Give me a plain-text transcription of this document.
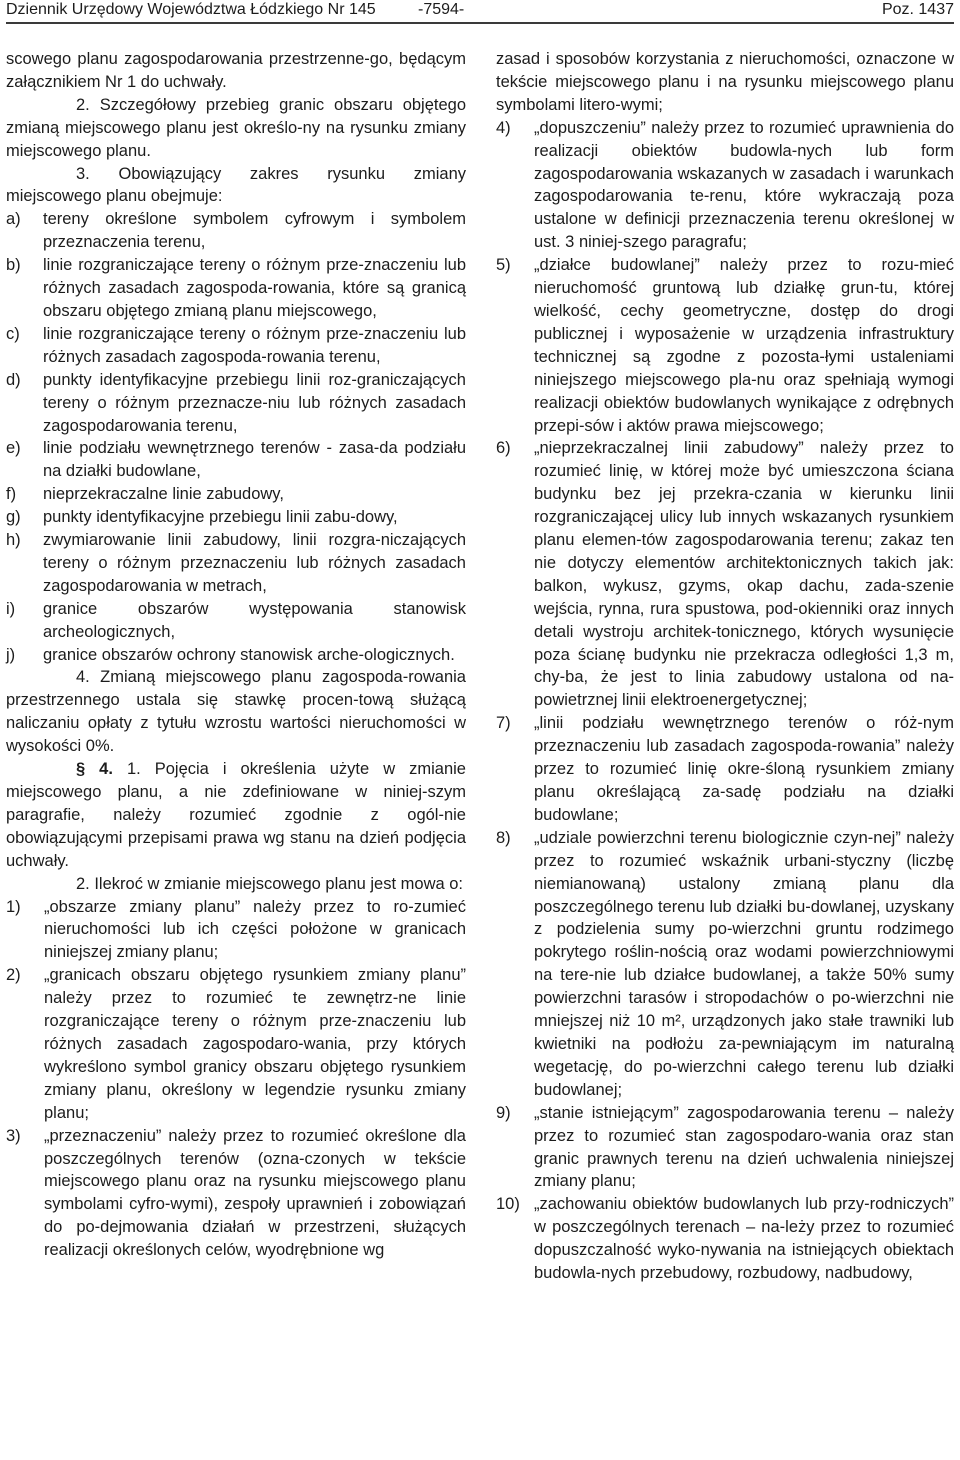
Dziennik Urzędowy Województwa Łódzkiego Nr 145	-7594-	Poz. 1437

scowego planu zagospodarowania przestrzenne-go, będącym załącznikiem Nr 1 do uchwały.

2. Szczegółowy przebieg granic obszaru objętego zmianą miejscowego planu jest określo-ny na rysunku zmiany miejscowego planu.

3. Obowiązujący zakres rysunku zmiany miejscowego planu obejmuje:

a) tereny określone symbolem cyfrowym i symbolem przeznaczenia terenu,

b) linie rozgraniczające tereny o różnym prze-znaczeniu lub różnych zasadach zagospoda-rowania, które są granicą obszaru objętego zmianą planu miejscowego,

c) linie rozgraniczające tereny o różnym prze-znaczeniu lub różnych zasadach zagospoda-rowania terenu,

d) punkty identyfikacyjne przebiegu linii roz-graniczających tereny o różnym przeznacze-niu lub różnych zasadach zagospodarowania terenu,

e) linie podziału wewnętrznego terenów - zasa-da podziału na działki budowlane,

f) nieprzekraczalne linie zabudowy,

g) punkty identyfikacyjne przebiegu linii zabu-dowy,

h) zwymiarowanie linii zabudowy, linii rozgra-niczających tereny o różnym przeznaczeniu lub różnych zasadach zagospodarowania w metrach,

i) granice obszarów występowania stanowisk archeologicznych,

j) granice obszarów ochrony stanowisk arche-ologicznych.

4. Zmianą miejscowego planu zagospoda-rowania przestrzennego ustala się stawkę procen-tową służącą naliczaniu opłaty z tytułu wzrostu wartości nieruchomości w wysokości 0%.

§ 4. 1. Pojęcia i określenia użyte w zmianie miejscowego planu, a nie zdefiniowane w niniej-szym paragrafie, należy rozumieć zgodnie z ogól-nie obowiązującymi przepisami prawa wg stanu na dzień podjęcia uchwały.

2. Ilekroć w zmianie miejscowego planu jest mowa o:

1) „obszarze zmiany planu” należy przez to ro-zumieć nieruchomości lub ich części położone w granicach niniejszej zmiany planu;

2) „granicach obszaru objętego rysunkiem zmiany planu” należy przez to rozumieć te zewnętrz-ne linie rozgraniczające tereny o różnym prze-znaczeniu lub różnych zasadach zagospodaro-wania, przy których wykreślono symbol granicy obszaru objętego rysunkiem zmiany planu, określony w legendzie rysunku zmiany planu;

3) „przeznaczeniu” należy przez to rozumieć określone dla poszczególnych terenów (ozna-czonych w tekście miejscowego planu oraz na rysunku miejscowego planu symbolami cyfro-wymi), zespoły uprawnień i zobowiązań do po-dejmowania działań w przestrzeni, służących realizacji określonych celów, wyodrębnione wg

zasad i sposobów korzystania z nieruchomości, oznaczone w tekście miejscowego planu i na rysunku miejscowego planu symbolami litero-wymi;

4) „dopuszczeniu” należy przez to rozumieć uprawnienia do realizacji obiektów budowla-nych lub form zagospodarowania wskazanych w zasadach i warunkach zagospodarowania te-renu, które wykraczają poza ustalone w definicji przeznaczenia terenu określonej w ust. 3 niniej-szego paragrafu;

5) „działce budowlanej” należy przez to rozu-mieć nieruchomość gruntową lub działkę grun-tu, której wielkość, cechy geometryczne, dostęp do drogi publicznej i wyposażenie w urządzenia infrastruktury technicznej są zgodne z pozosta-łymi ustaleniami niniejszego miejscowego pla-nu oraz spełniają wymogi realizacji obiektów budowlanych wynikające z odrębnych przepi-sów i aktów prawa miejscowego;

6) „nieprzekraczalnej linii zabudowy” należy przez to rozumieć linię, w której może być umieszczona ściana budynku bez jej przekra-czania w kierunku linii rozgraniczającej ulicy lub innych wskazanych rysunkiem planu elemen-tów zagospodarowania terenu; zakaz ten nie dotyczy elementów architektonicznych takich jak: balkon, wykusz, gzyms, okap dachu, zada-szenie wejścia, rynna, rura spustowa, pod-okienniki oraz innych detali wystroju architek-tonicznego, których wysunięcie poza ścianę budynku nie przekracza odległości 1,3 m, chy-ba, że jest to linia zabudowy ustalona od na-powietrznej linii elektroenergetycznej;

7) „linii podziału wewnętrznego terenów o róż-nym przeznaczeniu lub zasadach zagospoda-rowania” należy przez to rozumieć linię okre-śloną rysunkiem zmiany planu określającą za-sadę podziału na działki budowlane;

8) „udziale powierzchni terenu biologicznie czyn-nej” należy przez to rozumieć wskaźnik urbani-styczny (liczbę niemianowaną) ustalony zmianą planu dla poszczególnego terenu lub działki bu-dowlanej, uzyskany z podzielenia sumy po-wierzchni gruntu rodzimego pokrytego roślin-nością oraz wodami powierzchniowymi na tere-nie lub działce budowlanej, a także 50% sumy powierzchni tarasów i stropodachów o po-wierzchni nie mniejszej niż 10 m², urządzonych jako stałe trawniki lub kwietniki na podłożu za-pewniającym im naturalną wegetację, do po-wierzchni całego terenu lub działki budowlanej;

9) „stanie istniejącym” zagospodarowania terenu – należy przez to rozumieć stan zagospodaro-wania oraz stan granic prawnych terenu na dzień uchwalenia niniejszej zmiany planu;

10) „zachowaniu obiektów budowlanych lub przy-rodniczych” w poszczególnych terenach – na-leży przez to rozumieć dopuszczalność wyko-nywania na istniejących obiektach budowla-nych przebudowy, rozbudowy, nadbudowy,
